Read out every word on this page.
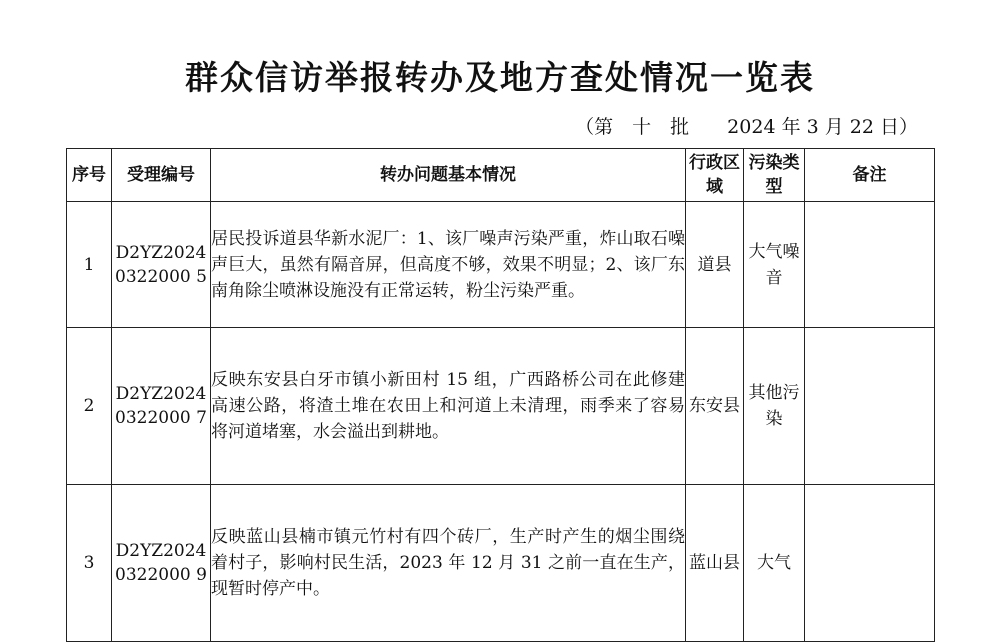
群众信访举报转办及地方查处情况一览表
（第　十　批　　2024 年 3 月 22 日）
序号	受理编号	转办问题基本情况	行政区域	污染类型	备注
1	D2YZ20240322000 5	居民投诉道县华新水泥厂：1、该厂噪声污染严重，炸山取石噪声巨大，虽然有隔音屏，但高度不够，效果不明显；2、该厂东南角除尘喷淋设施没有正常运转，粉尘污染严重。	道县	大气噪音	
2	D2YZ20240322000 7	反映东安县白牙市镇小新田村 15 组，广西路桥公司在此修建高速公路，将渣土堆在农田上和河道上未清理，雨季来了容易将河道堵塞，水会溢出到耕地。	东安县	其他污染	
3	D2YZ20240322000 9	反映蓝山县楠市镇元竹村有四个砖厂，生产时产生的烟尘围绕着村子，影响村民生活，2023 年 12 月 31 之前一直在生产，现暂时停产中。	蓝山县	大气	
